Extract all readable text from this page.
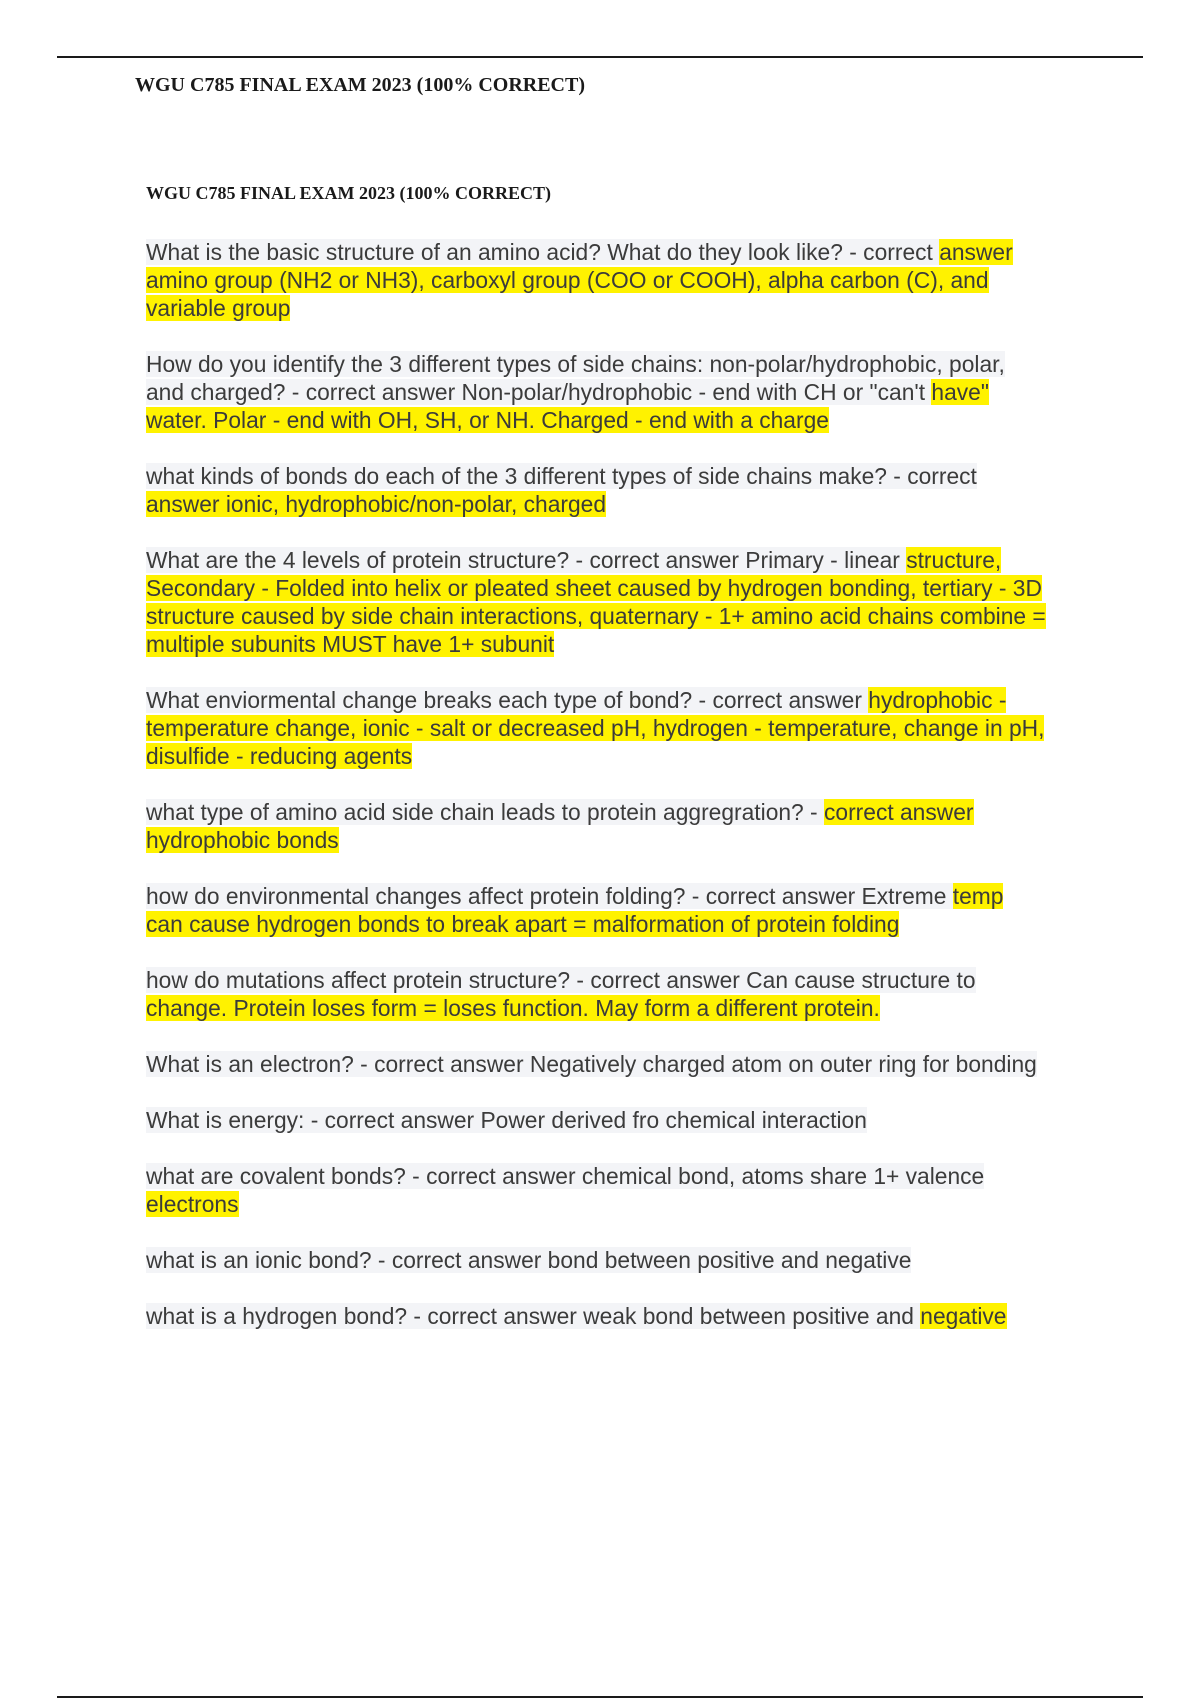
WGU C785 FINAL EXAM 2023 (100% CORRECT)
WGU C785 FINAL EXAM 2023 (100% CORRECT)

What is the basic structure of an amino acid? What do they look like? - correct answer amino group (NH2 or NH3), carboxyl group (COO or COOH), alpha carbon (C), and variable group

How do you identify the 3 different types of side chains: non-polar/hydrophobic, polar, and charged? - correct answer Non-polar/hydrophobic - end with CH or "can't have" water. Polar - end with OH, SH, or NH. Charged - end with a charge

what kinds of bonds do each of the 3 different types of side chains make? - correct answer ionic, hydrophobic/non-polar, charged

What are the 4 levels of protein structure? - correct answer Primary - linear structure, Secondary - Folded into helix or pleated sheet caused by hydrogen bonding, tertiary - 3D structure caused by side chain interactions, quaternary - 1+ amino acid chains combine = multiple subunits MUST have 1+ subunit

What enviormental change breaks each type of bond? - correct answer hydrophobic - temperature change, ionic - salt or decreased pH, hydrogen - temperature, change in pH, disulfide - reducing agents

what type of amino acid side chain leads to protein aggregration? - correct answer hydrophobic bonds

how do environmental changes affect protein folding? - correct answer Extreme temp can cause hydrogen bonds to break apart = malformation of protein folding

how do mutations affect protein structure? - correct answer Can cause structure to change. Protein loses form = loses function. May form a different protein.

What is an electron? - correct answer Negatively charged atom on outer ring for bonding

What is energy: - correct answer Power derived fro chemical interaction

what are covalent bonds? - correct answer chemical bond, atoms share 1+ valence electrons

what is an ionic bond? - correct answer bond between positive and negative

what is a hydrogen bond? - correct answer weak bond between positive and negative
